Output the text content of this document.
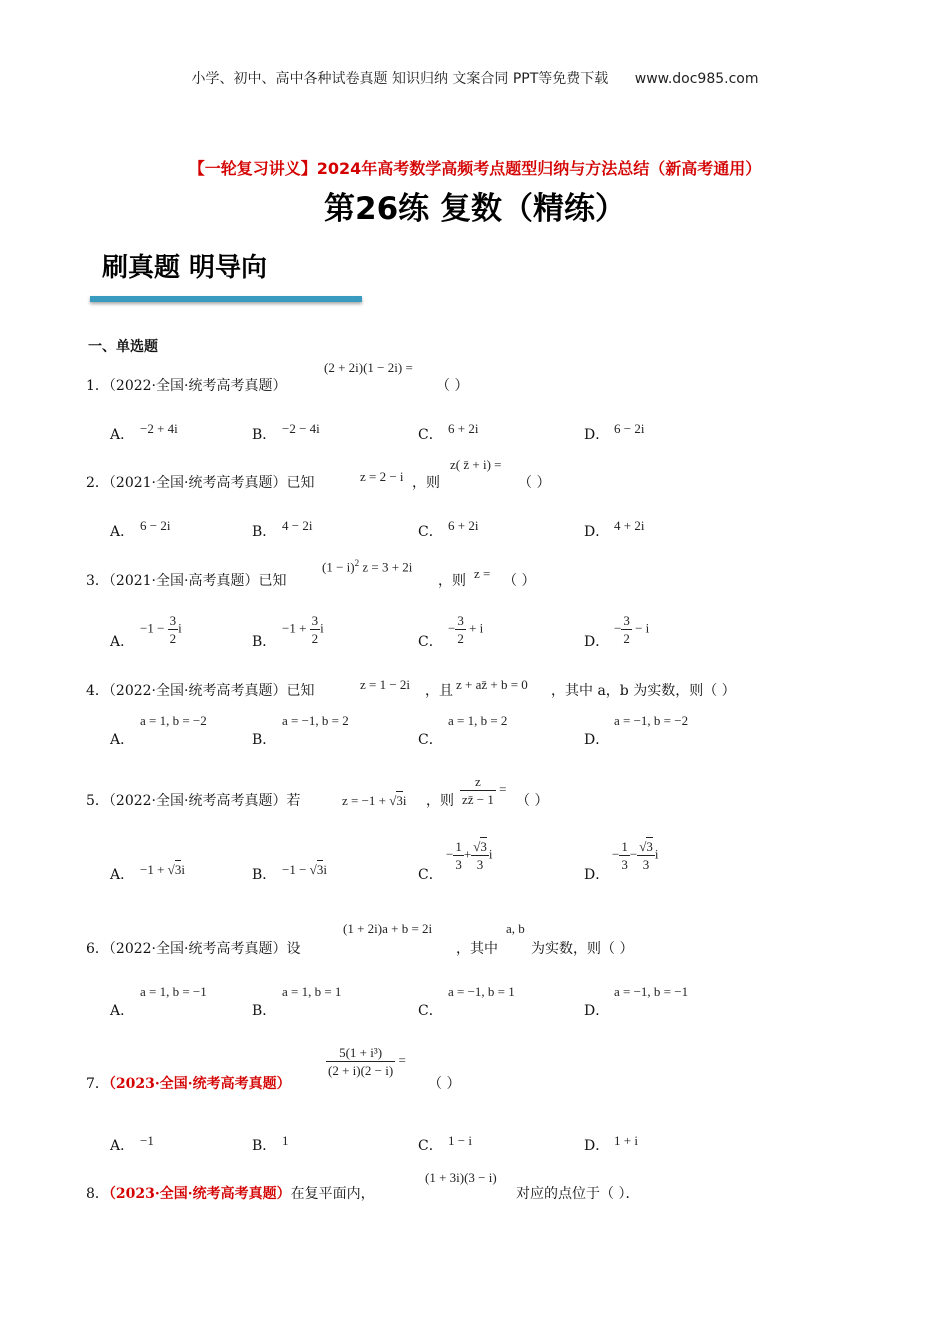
小学、初中、高中各种试卷真题 知识归纳 文案合同 PPT等免费下载 www.doc985.com
【一轮复习讲义】2024年高考数学高频考点题型归纳与方法总结（新高考通用）
第26练 复数（精练）
刷真题 明导向
一、单选题
1．（2022·全国·统考高考真题）
(2 + 2i)(1 − 2i) =
（ ）
A． −2 + 4i	B． −2 − 4i	C． 6 + 2i	D． 6 − 2i
2．（2021·全国·统考高考真题）已知	z = 2 − i ，则
z( z̄ + i) =
（ ）
A． 6 − 2i	B． 4 − 2i	C． 6 + 2i	D． 4 + 2i
3．（2021·全国·高考真题）已知
$(1 - i)^2$ z = 3 + 2i
，则 z = （ ）
A．
$-1 - \frac{3}{2}$ i
B．
$-1 + \frac{3}{2}$ i
C．
− $\frac{3}{2} + i$
D．
− $\frac{3}{2} - i$
4．（2022·全国·统考高考真题）已知	z = 1 − 2i ，且 z + az̄ + b = 0 ，其中 a，b 为实数，则（ ）
A．
a = 1, b = −2
B．
a = −1, b = 2
C．
a = 1, b = 2
D．
a = −1, b = −2
5．（2022·全国·统考高考真题）若	z = −1 + √3i ，则 $\frac{z}{zz̄ - 1}$ =
（ ）
A． −1 + √3i	B． −1 − √3i	C．
− $\frac{1}{3} + \frac{√3}{3}$ i
D．
− $\frac{1}{3} - \frac{√3}{3}$ i
6．（2022·全国·统考高考真题）设
(1 + 2i)a + b = 2i
，其中
a, b
为实数，则（ ）
A．
a = 1, b = −1
B．
a = 1, b = 1
C．
a = −1, b = 1
D．
a = −1, b = −1
7．（2023·全国·统考高考真题）
$\frac{\text{5(1 + i³)}}{(2 + i)(2 - i)}$ =
（ ）
A． −1	B． 1	C． 1 − i	D． 1 + i
8．（2023·全国·统考高考真题）在复平面内，
(1 + 3i)(3 − i)
对应的点位于（ ）．
